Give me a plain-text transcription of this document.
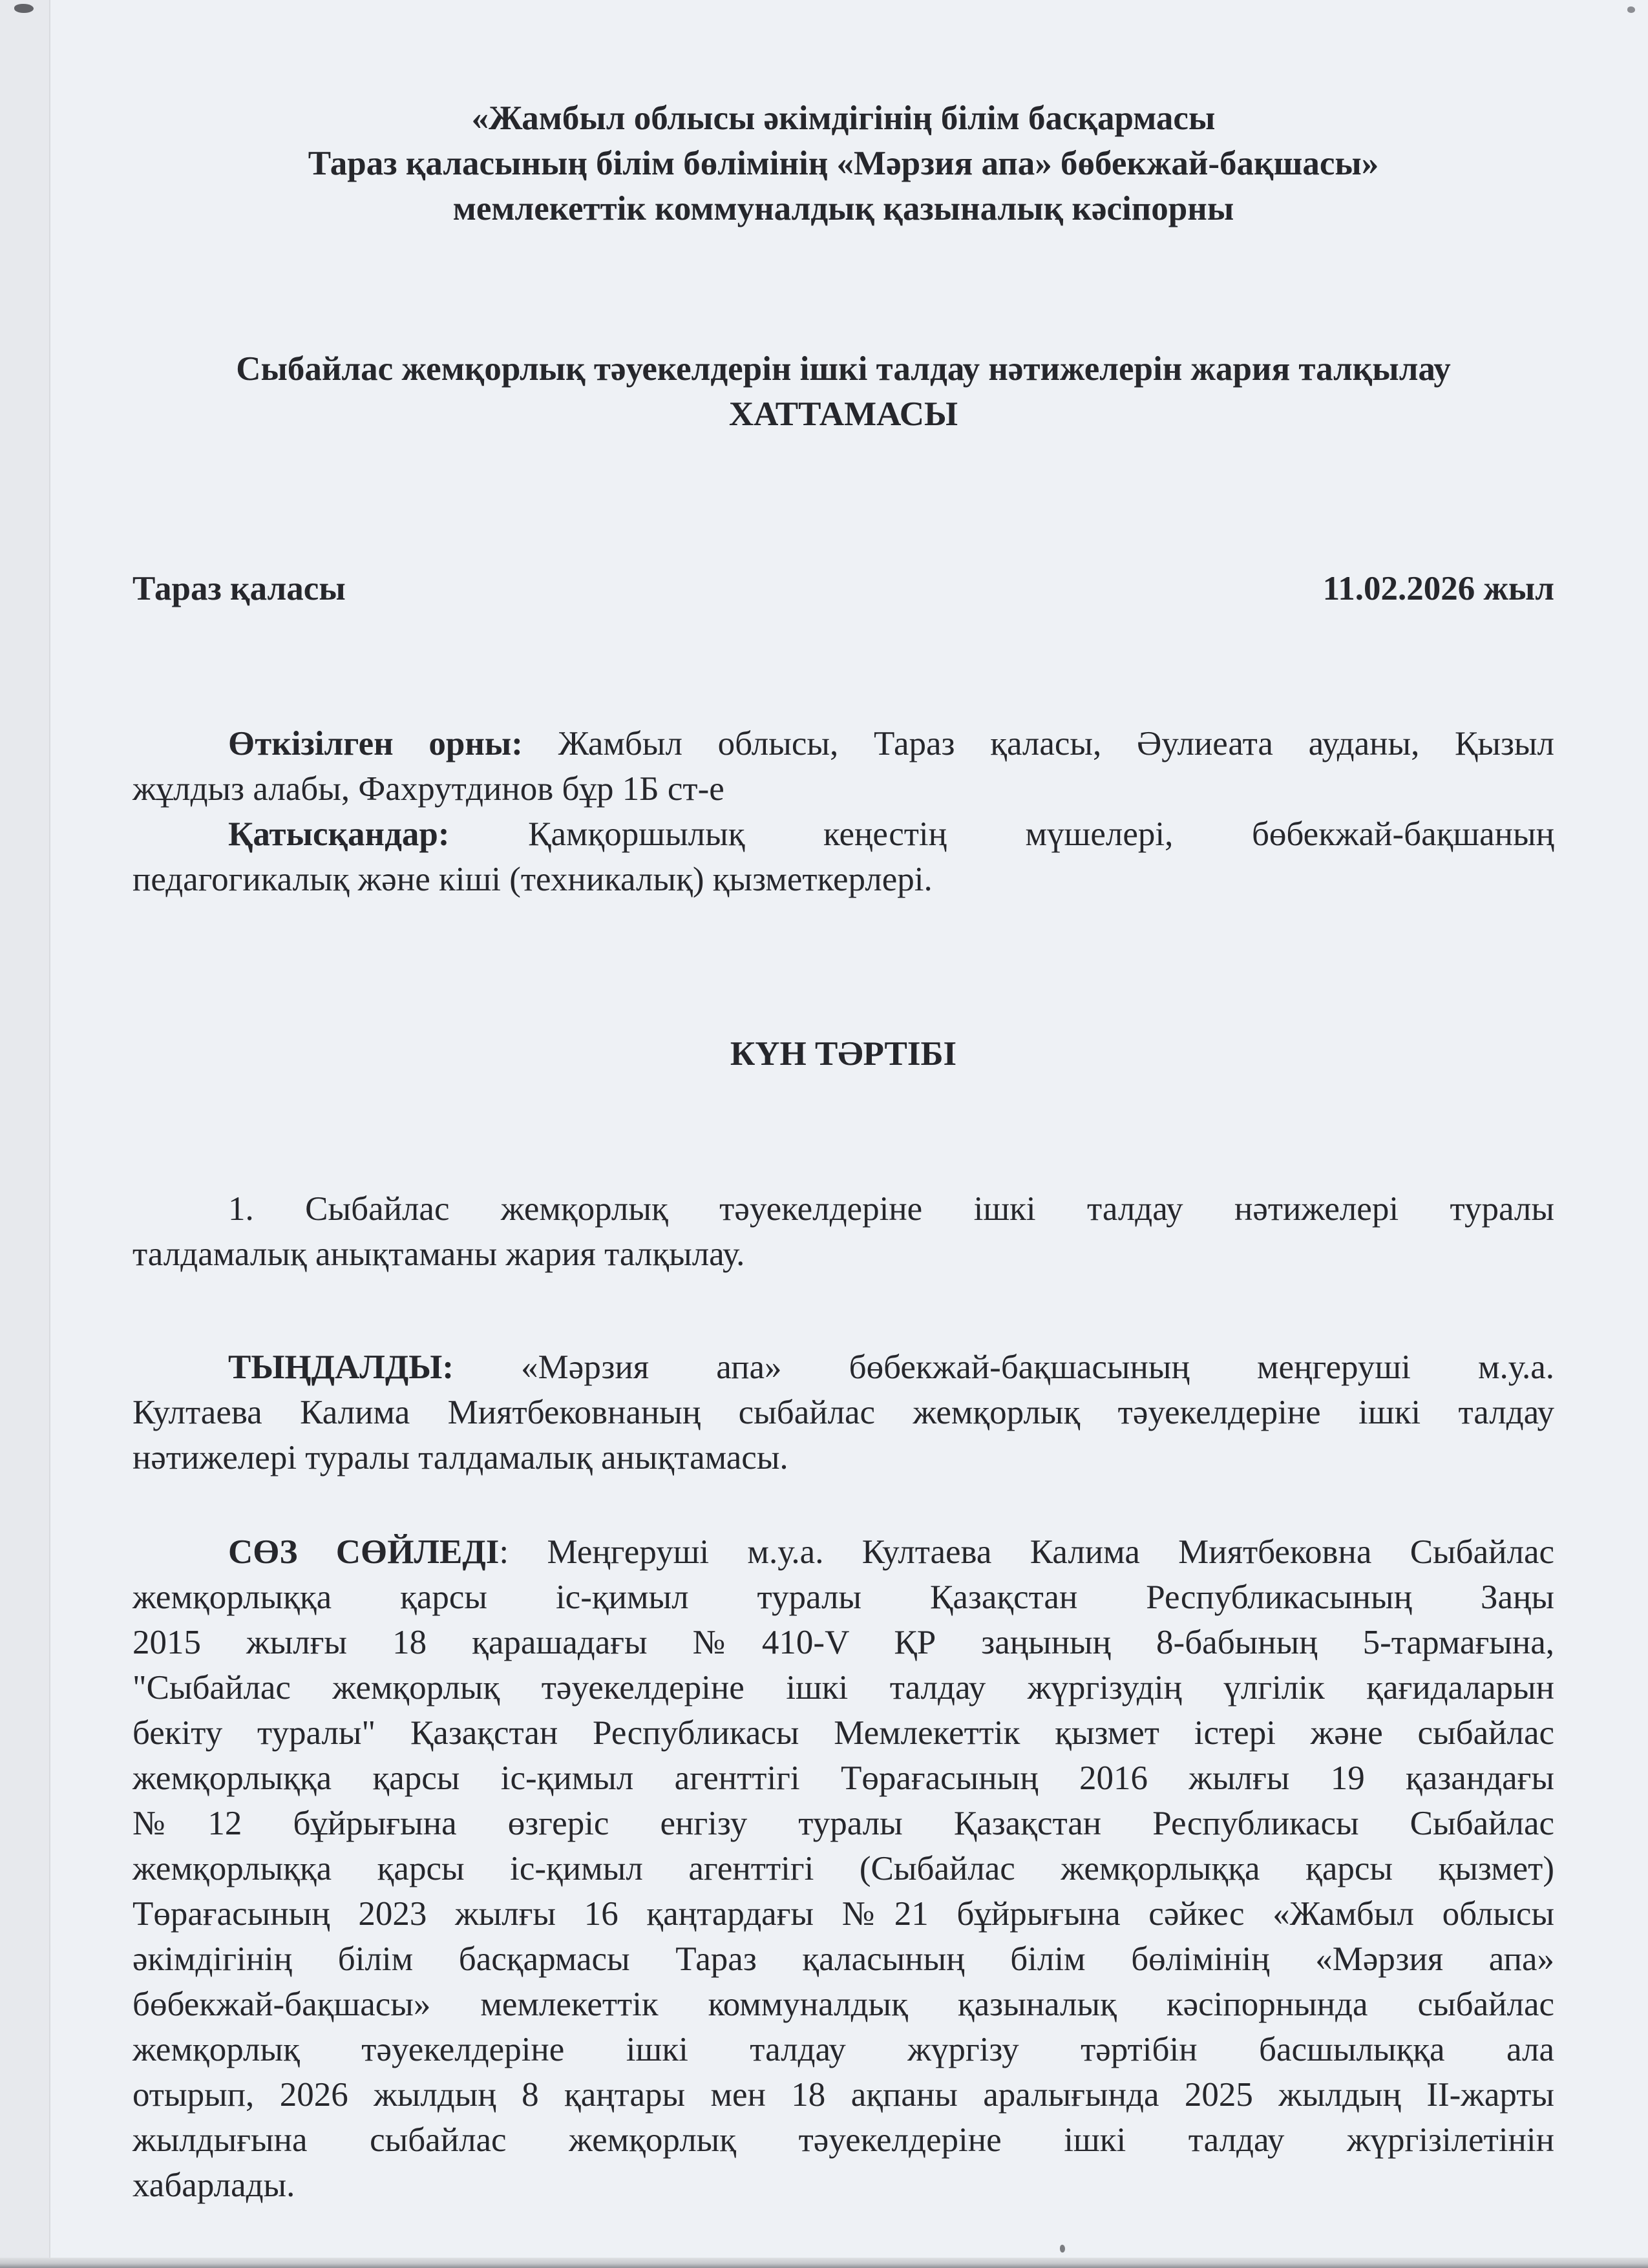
«Жамбыл облысы әкімдігінің білім басқармасы
Тараз қаласының білім бөлімінің «Мәрзия апа» бөбекжай-бақшасы»
мемлекеттік коммуналдық қазыналық кәсіпорны
Сыбайлас жемқорлық тәуекелдерін ішкі талдау нәтижелерін жария талқылау
ХАТТАМАСЫ
Тараз қаласы	11.02.2026 жыл
Өткізілген орны: Жамбыл облысы, Тараз қаласы, Әулиеата ауданы, Қызыл
жұлдыз алабы, Фахрутдинов бұр 1Б ст-е
Қатысқандар: Қамқоршылық кеңестің мүшелері, бөбекжай-бақшаның
педагогикалық және кіші (техникалық) қызметкерлері.
КҮН ТӘРТІБІ
1. Сыбайлас жемқорлық тәуекелдеріне ішкі талдау нәтижелері туралы
талдамалық анықтаманы жария талқылау.
ТЫҢДАЛДЫ: «Мәрзия апа» бөбекжай-бақшасының меңгеруші м.у.а.
Култаева Калима Миятбековнаның сыбайлас жемқорлық тәуекелдеріне ішкі талдау
нәтижелері туралы талдамалық анықтамасы.
СӨЗ СӨЙЛЕДІ: Меңгеруші м.у.а. Култаева Калима Миятбековна Сыбайлас
жемқорлыққа қарсы іс-қимыл туралы Қазақстан Республикасының Заңы
2015 жылғы 18 қарашадағы №410-V ҚР заңының 8-бабының 5-тармағына,
"Сыбайлас жемқорлық тәуекелдеріне ішкі талдау жүргізудің үлгілік қағидаларын
бекіту туралы" Қазақстан Республикасы Мемлекеттік қызмет істері және сыбайлас
жемқорлыққа қарсы іс-қимыл агенттігі Төрағасының 2016 жылғы 19 қазандағы
№12 бұйрығына өзгеріс енгізу туралы Қазақстан Республикасы Сыбайлас
жемқорлыққа қарсы іс-қимыл агенттігі (Сыбайлас жемқорлыққа қарсы қызмет)
Төрағасының 2023 жылғы 16 қаңтардағы №21 бұйрығына сәйкес «Жамбыл облысы
әкімдігінің білім басқармасы Тараз қаласының білім бөлімінің «Мәрзия апа»
бөбекжай-бақшасы» мемлекеттік коммуналдық қазыналық кәсіпорнында сыбайлас
жемқорлық тәуекелдеріне ішкі талдау жүргізу тәртібін басшылыққа ала
отырып, 2026 жылдың 8 қаңтары мен 18 ақпаны аралығында 2025 жылдың ІІ-жарты
жылдығына сыбайлас жемқорлық тәуекелдеріне ішкі талдау жүргізілетінін
хабарлады.
